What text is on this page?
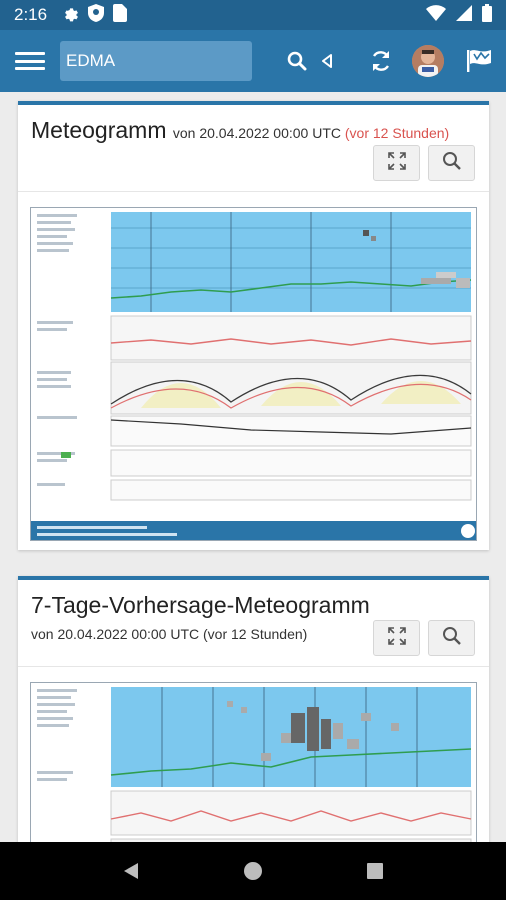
2:16
EDMA
Meteogramm von 20.04.2022 00:00 UTC (vor 12 Stunden)
7-Tage-Vorhersage-Meteogramm
von 20.04.2022 00:00 UTC (vor 12 Stunden)
